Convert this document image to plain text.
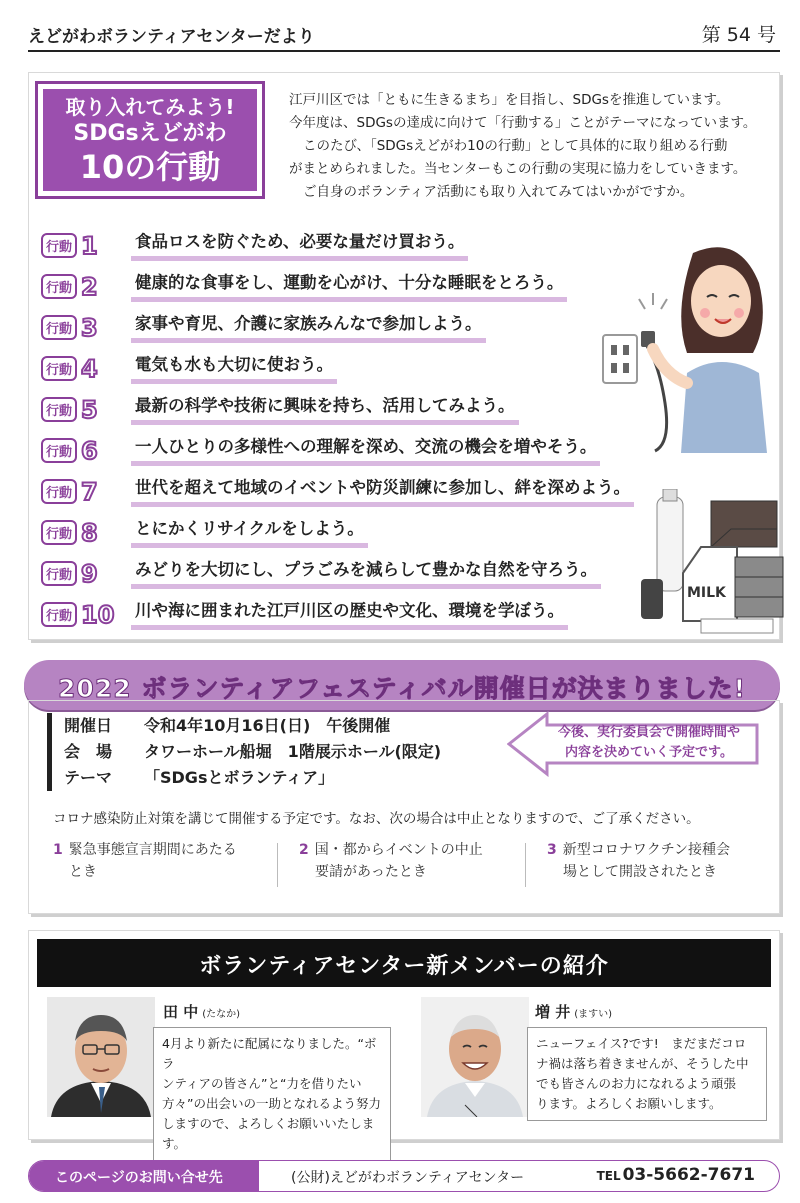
えどがわボランティアセンターだより	第 54 号
取り入れてみよう!
SDGsえどがわ
10の行動

江戸川区では「ともに生きるまち」を目指し、SDGsを推進しています。

今年度は、SDGsの達成に向けて「行動する」ことがテーマになっています。

このたび、「SDGsえどがわ10の行動」として具体的に取り組める行動

がまとめられました。当センターもこの行動の実現に協力をしていきます。

ご自身のボランティア活動にも取り入れてみてはいかがですか。

行動 1 食品ロスを防ぐため、必要な量だけ買おう。
行動 2 健康的な食事をし、運動を心がけ、十分な睡眠をとろう。
行動 3 家事や育児、介護に家族みんなで参加しよう。
行動 4 電気も水も大切に使おう。
行動 5 最新の科学や技術に興味を持ち、活用してみよう。
行動 6 一人ひとりの多様性への理解を深め、交流の機会を増やそう。
行動 7 世代を超えて地域のイベントや防災訓練に参加し、絆を深めよう。
行動 8 とにかくリサイクルをしよう。
行動 9 みどりを大切にし、プラごみを減らして豊かな自然を守ろう。
行動 10 川や海に囲まれた江戸川区の歴史や文化、環境を学ぼう。
MILK
2022 ボランティアフェスティバル開催日が決まりました!
開催日	令和4年10月16日(日)　午後開催
会　場	タワーホール船堀　1階展示ホール(限定)
テーマ	「SDGsとボランティア」
今後、実行委員会で開催時間や
内容を決めていく予定です。
コロナ感染防止対策を講じて開催する予定です。なお、次の場合は中止となりますので、ご了承ください。
1 緊急事態宣言期間にあたる
とき
2 国・都からイベントの中止
要請があったとき
3 新型コロナワクチン接種会
場として開設されたとき
ボランティアセンター新メンバーの紹介
田 中 (たなか)
4月より新たに配属になりました。“ボラ
ンティアの皆さん”と“力を借りたい
方々”の出会いの一助となれるよう努力
しますので、よろしくお願いいたします。
増 井 (ますい)
ニューフェイス?です!　まだまだコロ
ナ禍は落ち着きませんが、そうした中
でも皆さんのお力になれるよう頑張
ります。よろしくお願いします。
このページのお問い合せ先	(公財)えどがわボランティアセンター	TEL 03-5662-7671
